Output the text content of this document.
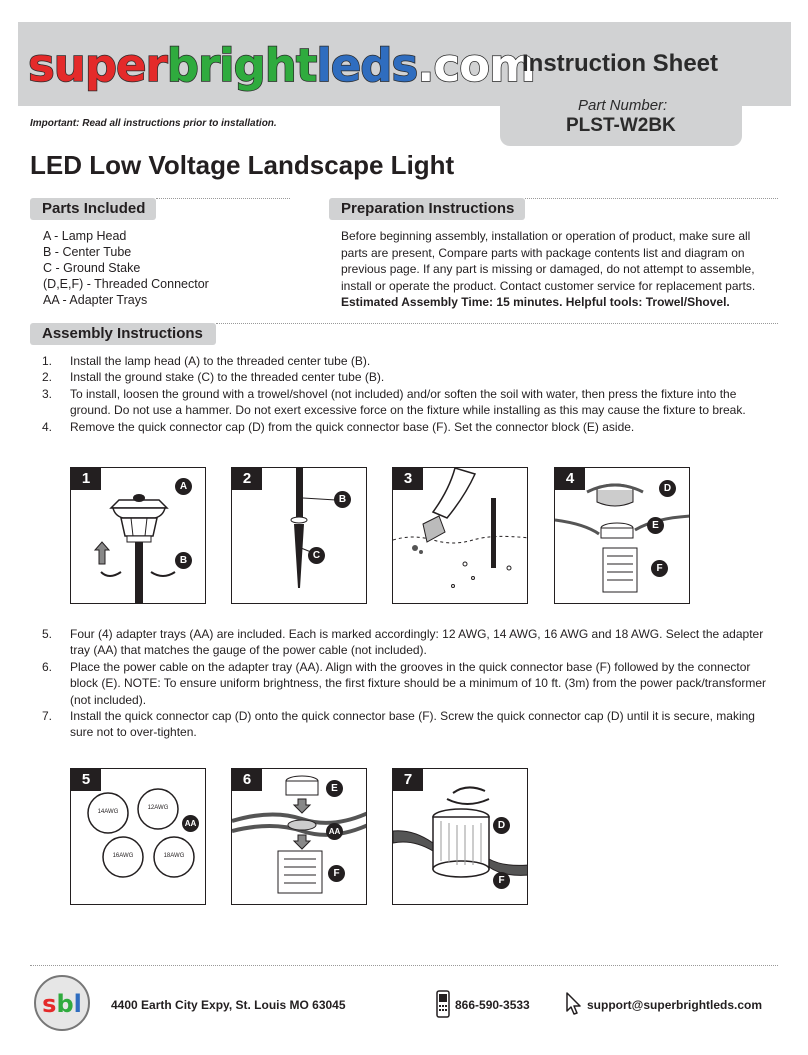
superbrightleds.com
Instruction Sheet
Part Number:
PLST-W2BK
Important: Read all instructions prior to installation.
LED Low Voltage Landscape Light
Parts Included
A - Lamp Head
B - Center Tube
C - Ground Stake
(D,E,F) - Threaded Connector
AA - Adapter Trays
Preparation Instructions
Before beginning assembly, installation or operation of product, make sure all parts are present, Compare parts with package contents list and diagram on previous page. If any part is missing or damaged, do not attempt to assemble, install or operate the product. Contact customer service for replacement parts.
Estimated Assembly Time: 15 minutes. Helpful tools: Trowel/Shovel.
Assembly Instructions
1. Install the lamp head (A) to the threaded center tube (B).
2. Install the ground stake (C) to the threaded center tube (B).
3. To install, loosen the ground with a trowel/shovel (not included) and/or soften the soil with water, then press the fixture into the ground. Do not use a hammer. Do not exert excessive force on the fixture while installing as this may cause the fixture to break.
4. Remove the quick connector cap (D) from the quick connector base (F). Set the connector block (E) aside.
1	A
B
2
B
C
3	4
D
E
F
5. Four (4) adapter trays (AA) are included. Each is marked accordingly: 12 AWG, 14 AWG, 16 AWG and 18 AWG. Select the adapter tray (AA) that matches the gauge of the power cable (not included).
6. Place the power cable on the adapter tray (AA). Align with the grooves in the quick connector base (F) followed by the connector block (E). NOTE: To ensure uniform brightness, the first fixture should be a minimum of 10 ft. (3m) from the power pack/transformer (not included).
7. Install the quick connector cap (D) onto the quick connector base (F). Screw the quick connector cap (D) until it is secure, making sure not to over-tighten.
5
14AWG
12AWG
16AWG	18AWG
AA
6
E
AA
F
7
D
F
sbl	4400 Earth City Expy, St. Louis MO 63045	866-590-3533	support@superbrightleds.com
